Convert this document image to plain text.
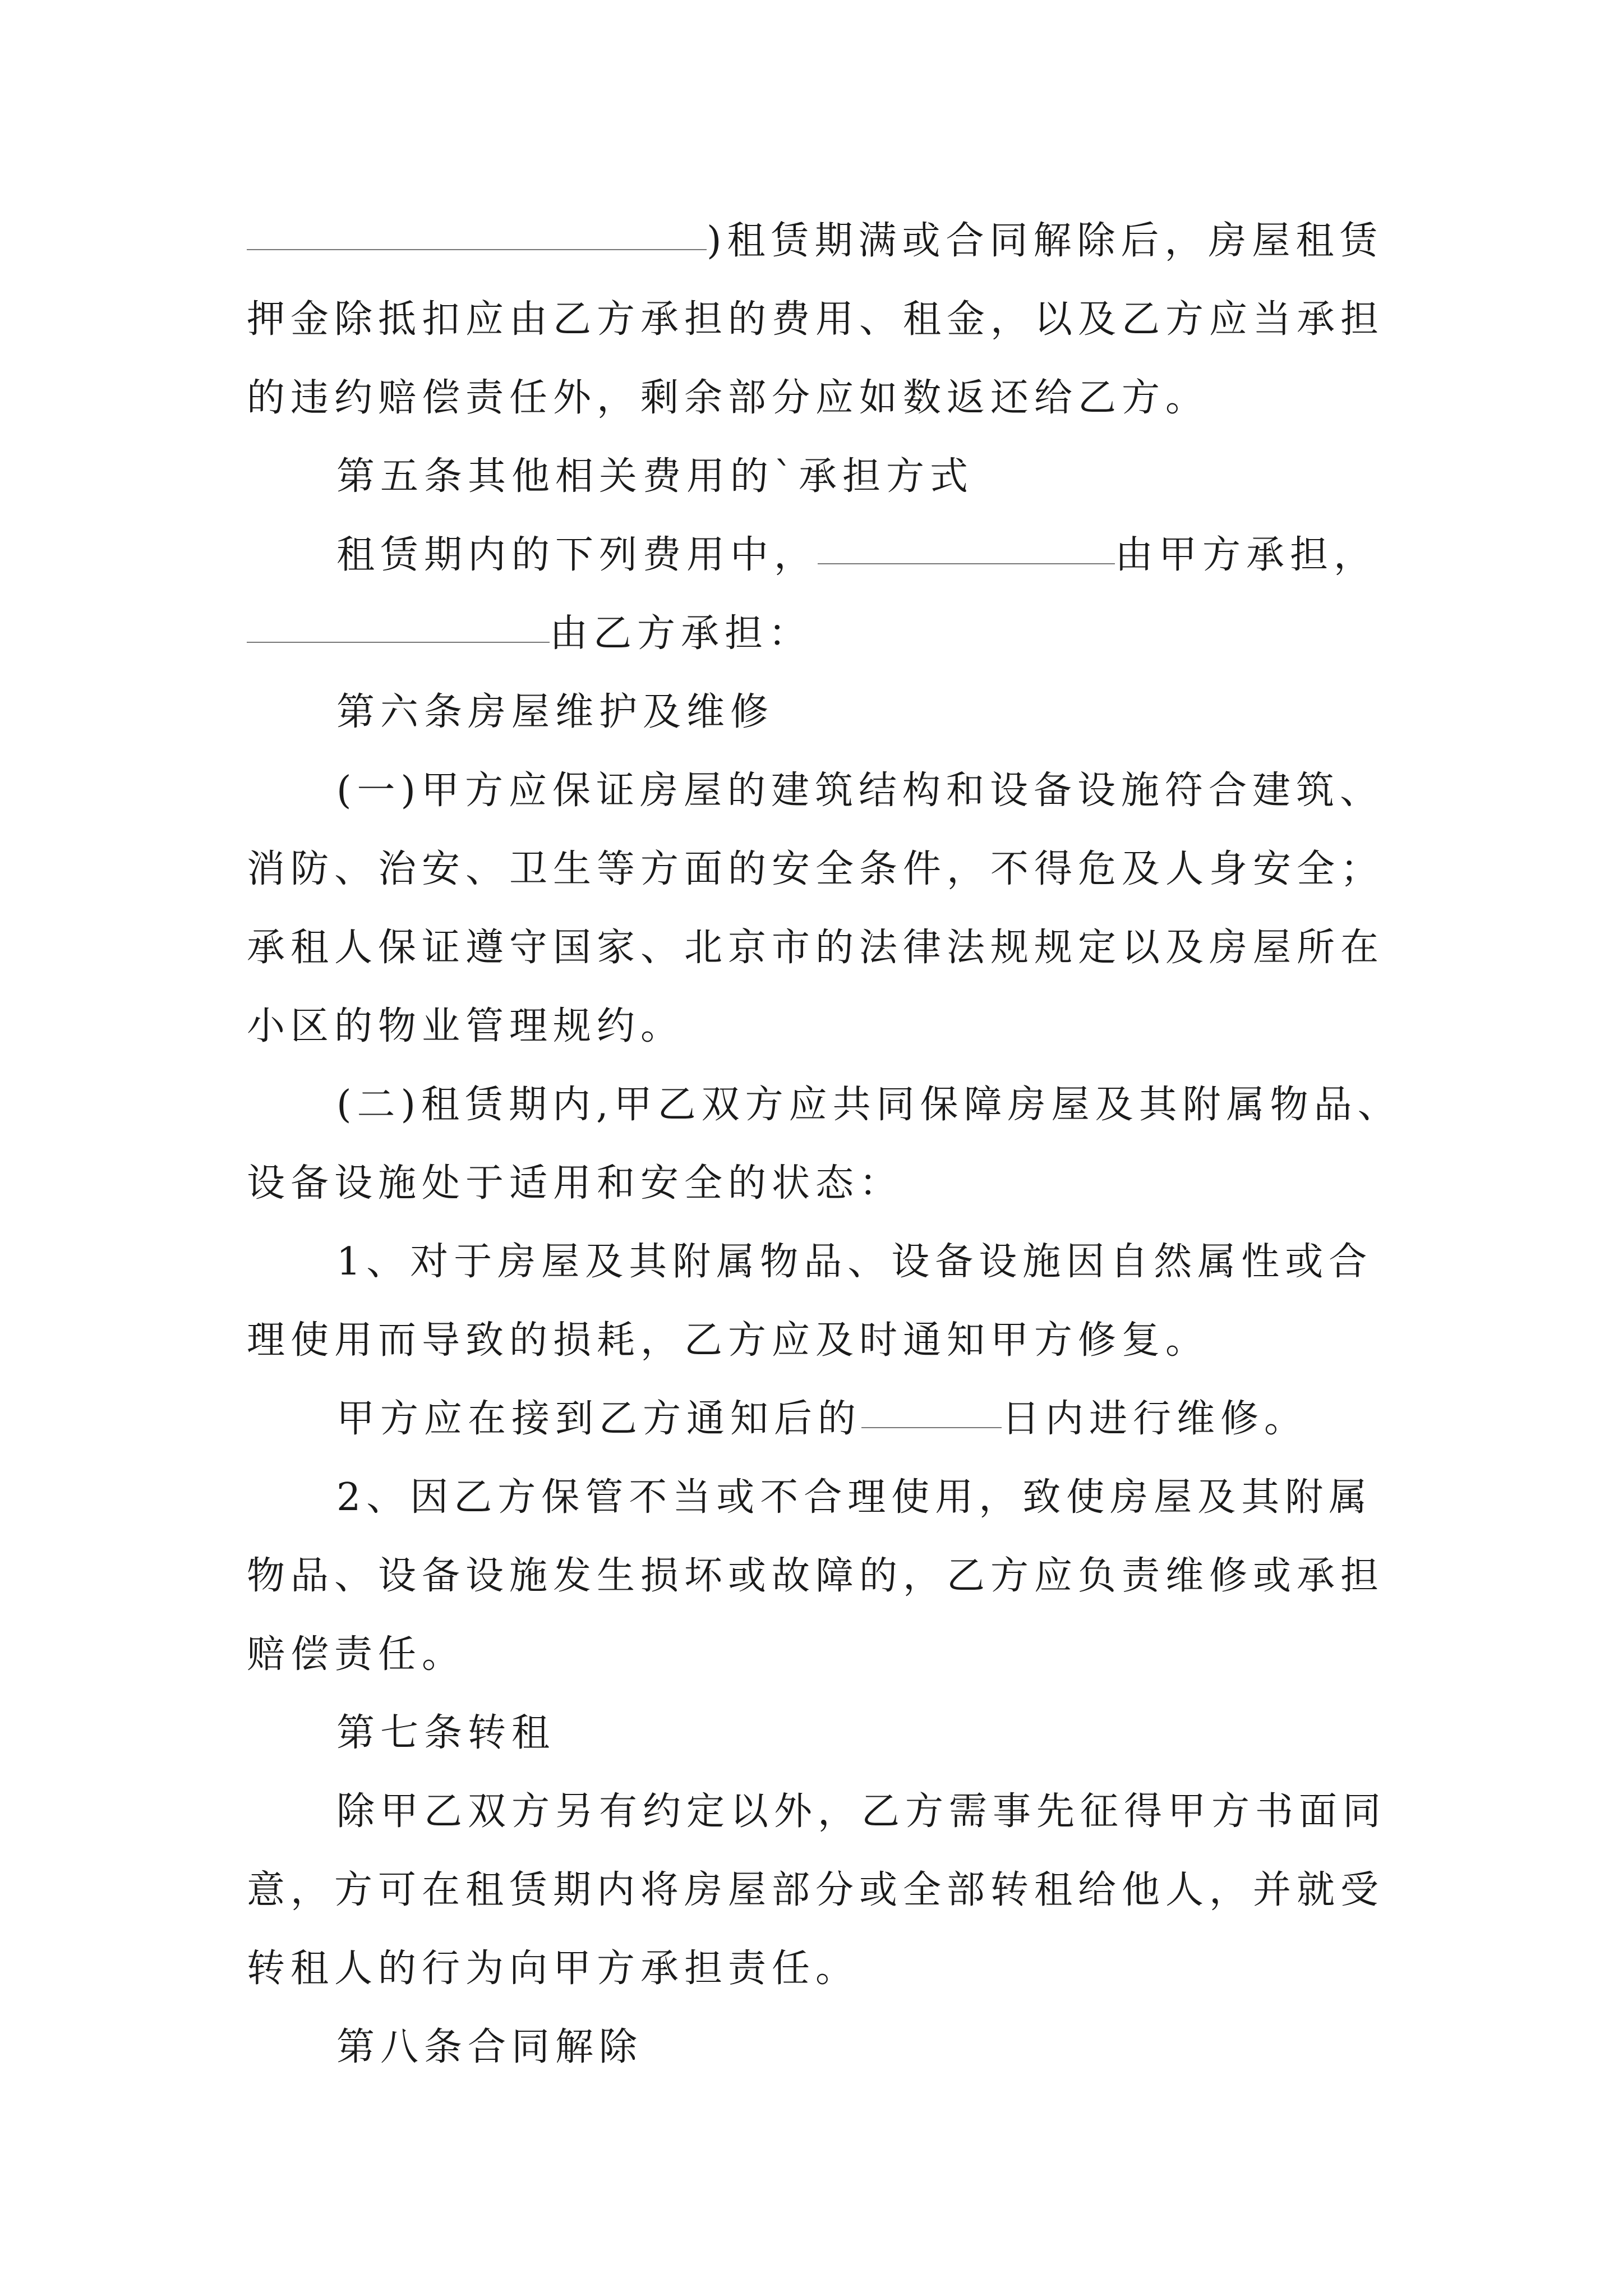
)租赁期满或合同解除后，房屋租赁
押金除抵扣应由乙方承担的费用、租金，以及乙方应当承担
的违约赔偿责任外，剩余部分应如数返还给乙方。
第五条其他相关费用的`承担方式
租赁期内的下列费用中，	由甲方承担，
由乙方承担：
第六条房屋维护及维修
(一)甲方应保证房屋的建筑结构和设备设施符合建筑、
消防、治安、卫生等方面的安全条件，不得危及人身安全；
承租人保证遵守国家、北京市的法律法规规定以及房屋所在
小区的物业管理规约。
(二)租赁期内,甲乙双方应共同保障房屋及其附属物品、
设备设施处于适用和安全的状态：
1、对于房屋及其附属物品、设备设施因自然属性或合
理使用而导致的损耗，乙方应及时通知甲方修复。
甲方应在接到乙方通知后的	日内进行维修。
2、因乙方保管不当或不合理使用，致使房屋及其附属
物品、设备设施发生损坏或故障的，乙方应负责维修或承担
赔偿责任。
第七条转租
除甲乙双方另有约定以外，乙方需事先征得甲方书面同
意，方可在租赁期内将房屋部分或全部转租给他人，并就受
转租人的行为向甲方承担责任。
第八条合同解除
